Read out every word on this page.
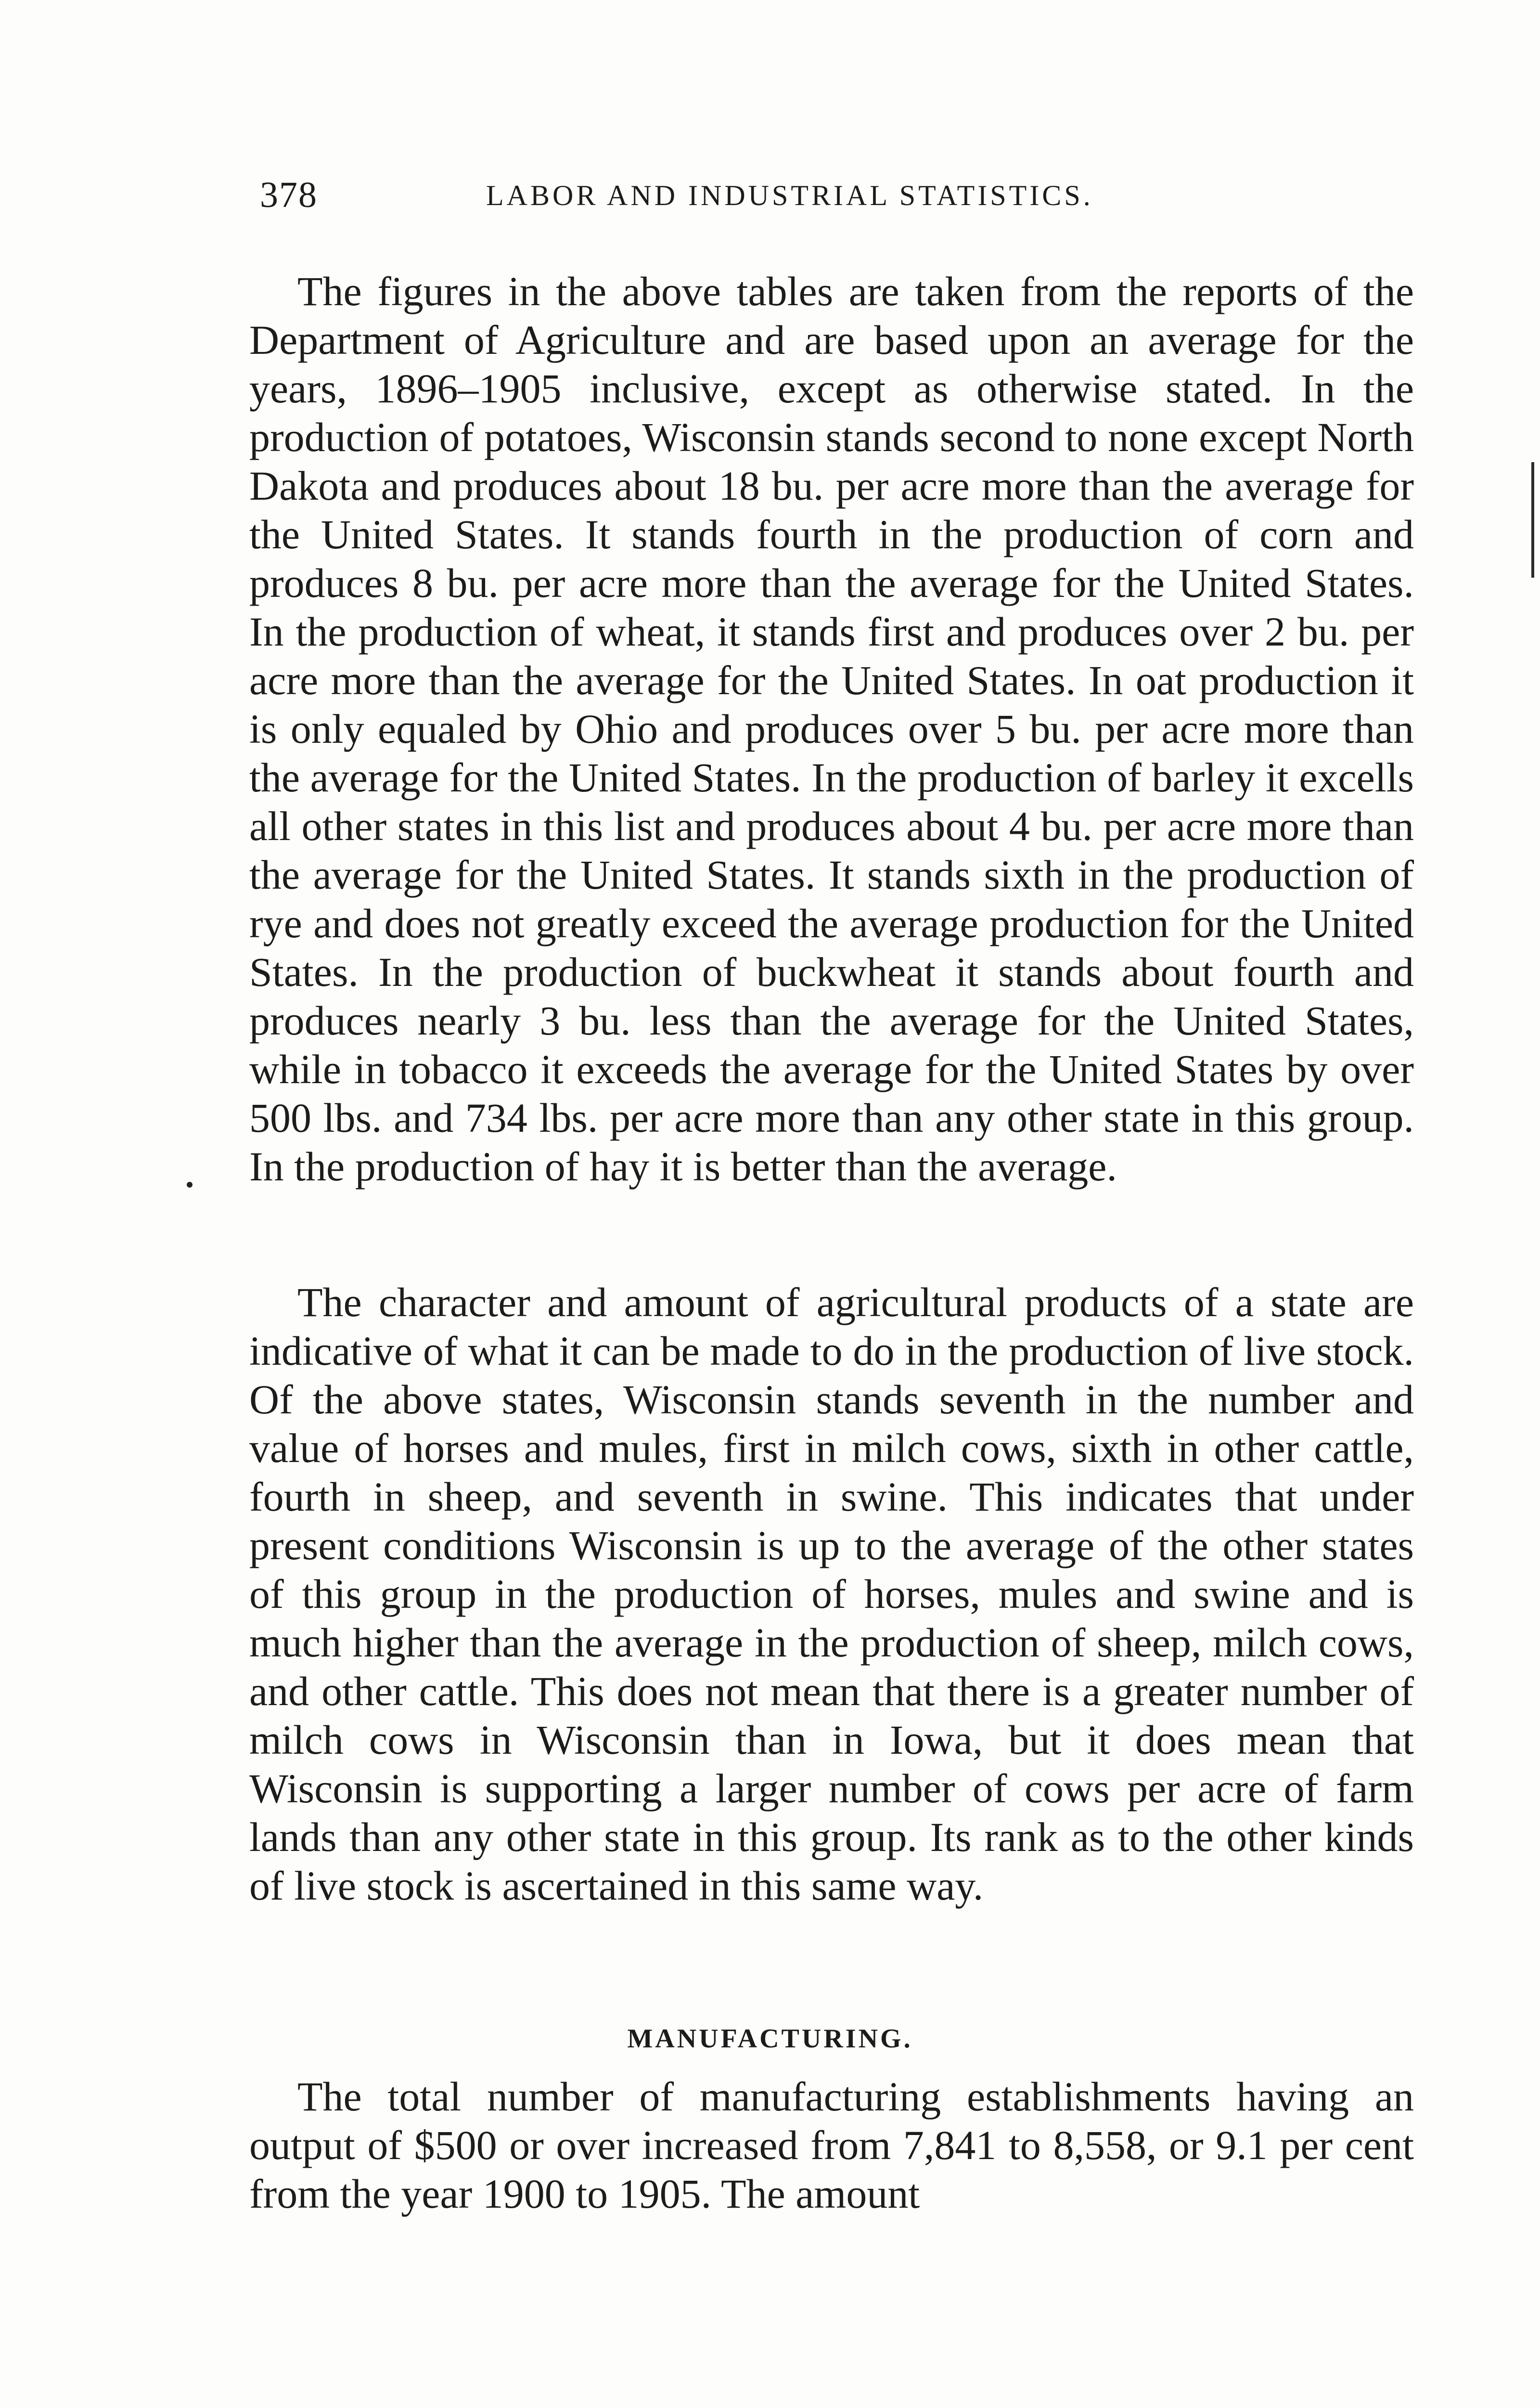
378	LABOR AND INDUSTRIAL STATISTICS.

The figures in the above tables are taken from the reports of the Department of Agriculture and are based upon an average for the years, 1896–1905 inclusive, except as otherwise stated. In the production of potatoes, Wisconsin stands second to none except North Dakota and produces about 18 bu. per acre more than the average for the United States. It stands fourth in the production of corn and produces 8 bu. per acre more than the average for the United States. In the production of wheat, it stands first and produces over 2 bu. per acre more than the average for the United States. In oat production it is only equaled by Ohio and produces over 5 bu. per acre more than the average for the United States. In the production of barley it excells all other states in this list and produces about 4 bu. per acre more than the average for the United States. It stands sixth in the production of rye and does not greatly exceed the average production for the United States. In the production of buckwheat it stands about fourth and produces nearly 3 bu. less than the average for the United States, while in tobacco it exceeds the average for the United States by over 500 lbs. and 734 lbs. per acre more than any other state in this group. In the production of hay it is better than the average.

The character and amount of agricultural products of a state are indicative of what it can be made to do in the production of live stock. Of the above states, Wisconsin stands seventh in the number and value of horses and mules, first in milch cows, sixth in other cattle, fourth in sheep, and seventh in swine. This indicates that under present conditions Wisconsin is up to the average of the other states of this group in the production of horses, mules and swine and is much higher than the average in the production of sheep, milch cows, and other cattle. This does not mean that there is a greater number of milch cows in Wisconsin than in Iowa, but it does mean that Wisconsin is supporting a larger number of cows per acre of farm lands than any other state in this group. Its rank as to the other kinds of live stock is ascertained in this same way.

MANUFACTURING.

The total number of manufacturing establishments having an output of $500 or over increased from 7,841 to 8,558, or 9.1 per cent from the year 1900 to 1905. The amount
